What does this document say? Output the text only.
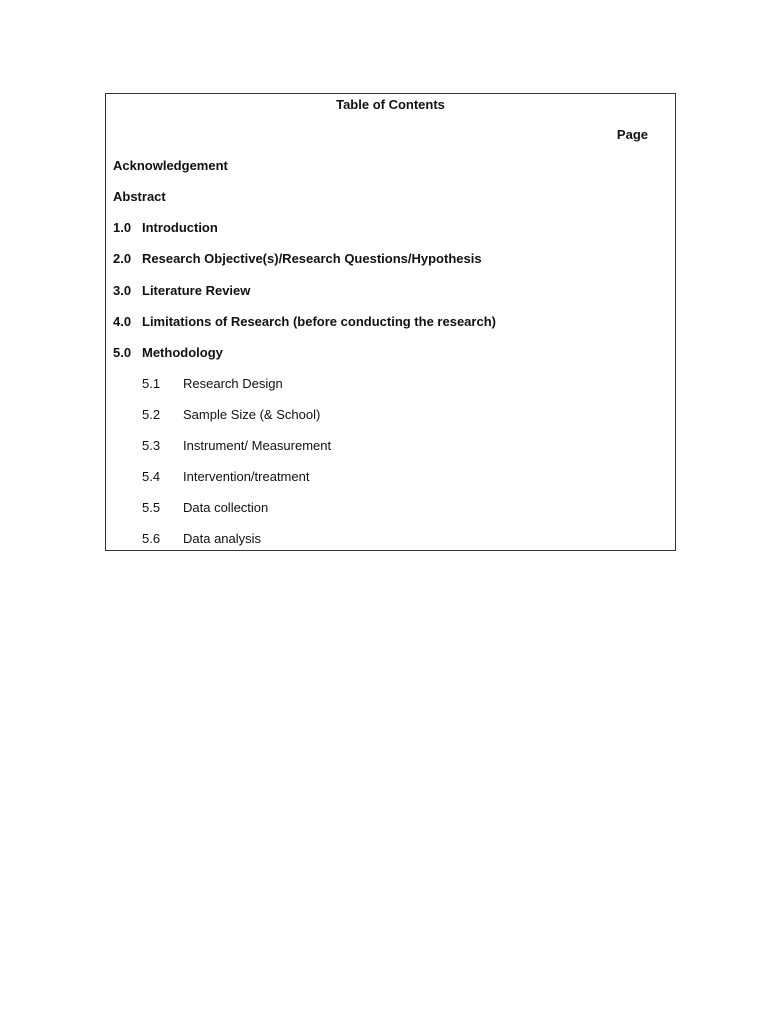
Table of Contents
Page
Acknowledgement
Abstract
1.0 Introduction
2.0 Research Objective(s)/Research Questions/Hypothesis
3.0 Literature Review
4.0 Limitations of Research (before conducting the research)
5.0 Methodology
5.1 Research Design
5.2 Sample Size (& School)
5.3 Instrument/ Measurement
5.4 Intervention/treatment
5.5 Data collection
5.6 Data analysis
